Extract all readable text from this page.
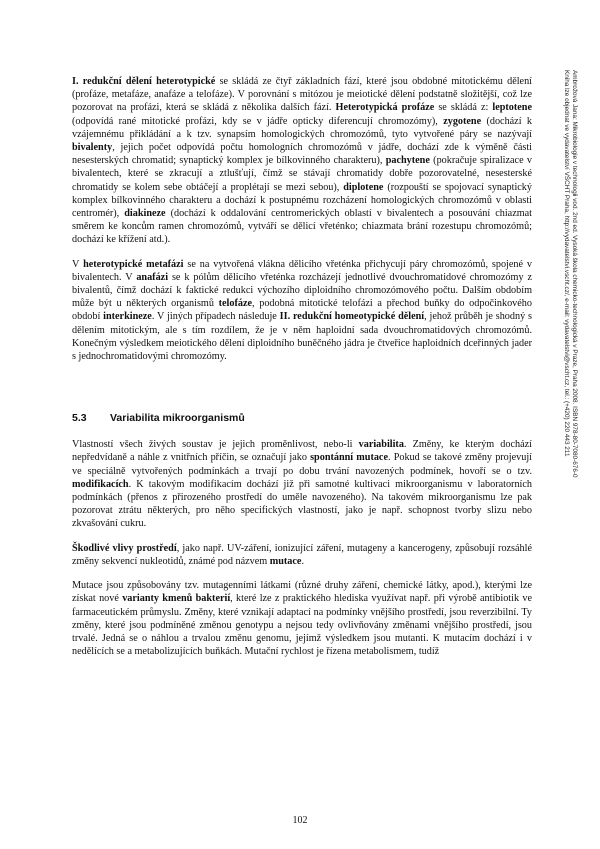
Ambrožová Jana: Mikrobiologie v technologii vod. 2nd ed. Vysoká škola chemicko-technologická v Praze, Praha 2008. ISBN 978-80-7080-676-0
Kniha lze objednat ve vydavatelství VŠCHT Praha, http://vydavatelstvi.vscht.cz/, e-mail: vydavatelstvi@vscht.cz, tel.: (+420) 220 443 211

I. redukční dělení heterotypické se skládá ze čtyř základních fází, které jsou obdobné mitotickému dělení (profáze, metafáze, anafáze a telofáze). V porovnání s mitózou je meiotické dělení podstatně složitější, což lze pozorovat na profázi, která se skládá z několika dalších fází. Heterotypická profáze se skládá z: leptotene (odpovídá rané mitotické profázi, kdy se v jádře opticky diferencují chromozómy), zygotene (dochází k vzájemnému přikládání a k tzv. synapsím homologických chromozómů, tyto vytvořené páry se nazývají bivalenty, jejich počet odpovídá počtu homologních chromozómů v jádře, dochází zde k výměně části nesesterských chromatid; synaptický komplex je bílkovinného charakteru), pachytene (pokračuje spiralizace v bivalentech, které se zkracují a ztlušťují, čímž se stávají chromatidy dobře pozorovatelné, nesesterské chromatidy se kolem sebe obtáčejí a proplétají se mezi sebou), diplotene (rozpouští se spojovací synaptický komplex bílkovinného charakteru a dochází k postupnému rozcházení homologických chromozómů v oblasti centromér), diakineze (dochází k oddalování centromerických oblastí v bivalentech a posouvání chiazmat směrem ke koncům ramen chromozómů, vytváří se dělicí vřeténko; chiazmata brání rozestupu chromozómů; dochází ke křížení atd.).

V heterotypické metafázi se na vytvořená vlákna dělicího vřeténka přichycují páry chromozómů, spojené v bivalentech. V anafázi se k pólům dělicího vřeténka rozcházejí jednotlivé dvouchromatidové chromozómy z bivalentů, čímž dochází k faktické redukci výchozího diploidního chromozómového počtu. Dalším obdobím může být u některých organismů telofáze, podobná mitotické telofázi a přechod buňky do odpočinkového období interkineze. V jiných případech následuje II. redukční homeotypické dělení, jehož průběh je shodný s dělením mitotickým, ale s tím rozdílem, že je v něm haploidní sada dvouchromatidových chromozómů. Konečným výsledkem meiotického dělení diploidního buněčného jádra je čtveřice haploidních dceřinných jader s jednochromatidovými chromozómy.

5.3	Variabilita mikroorganismů

Vlastností všech živých soustav je jejich proměnlivost, nebo-li variabilita. Změny, ke kterým dochází nepředvídaně a náhle z vnitřních příčin, se označují jako spontánní mutace. Pokud se takové změny projevují ve speciálně vytvořených podmínkách a trvají po dobu trvání navozených podmínek, hovoří se o tzv. modifikacích. K takovým modifikacím dochází již při samotné kultivaci mikroorganismu v laboratorních podmínkách (přenos z přirozeného prostředí do uměle navozeného). Na takovém mikroorganismu lze pak pozorovat ztrátu některých, pro něho specifických vlastností, jako je např. schopnost tvorby slizu nebo zkvašování cukru.

Škodlivé vlivy prostředí, jako např. UV-záření, ionizující záření, mutageny a kancerogeny, způsobují rozsáhlé změny sekvencí nukleotidů, známé pod názvem mutace.

Mutace jsou způsobovány tzv. mutagenními látkami (různé druhy záření, chemické látky, apod.), kterými lze získat nové varianty kmenů bakterií, které lze z praktického hlediska využívat např. při výrobě antibiotik ve farmaceutickém průmyslu. Změny, které vznikají adaptací na podmínky vnějšího prostředí, jsou reverzibilní. Ty změny, které jsou podmíněné změnou genotypu a nejsou tedy ovlivňovány změnami vnějšího prostředí, jsou trvalé. Jedná se o náhlou a trvalou změnu genomu, jejímž výsledkem jsou mutanti. K mutacím dochází i v nedělících se a metabolizujících buňkách. Mutační rychlost je řízena metabolismem, tudíž

102
